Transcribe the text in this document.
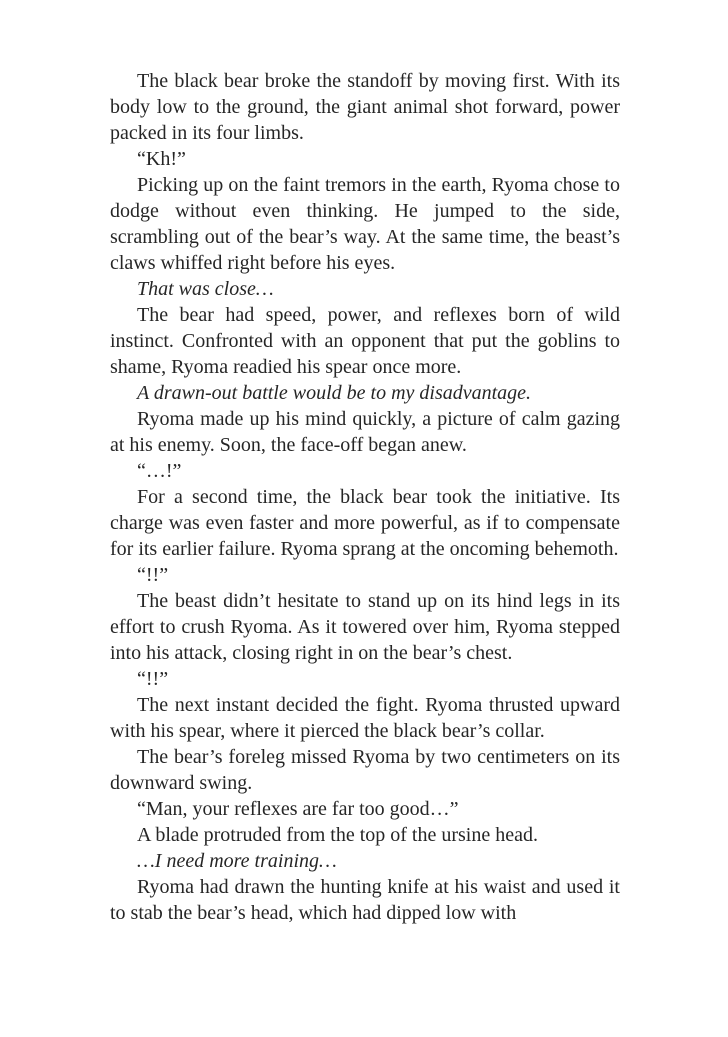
The black bear broke the standoff by moving first. With its body low to the ground, the giant animal shot forward, power packed in its four limbs.

“Kh!”

Picking up on the faint tremors in the earth, Ryoma chose to dodge without even thinking. He jumped to the side, scrambling out of the bear’s way. At the same time, the beast’s claws whiffed right before his eyes.

That was close…

The bear had speed, power, and reflexes born of wild instinct. Confronted with an opponent that put the goblins to shame, Ryoma readied his spear once more.

A drawn-out battle would be to my disadvantage.

Ryoma made up his mind quickly, a picture of calm gazing at his enemy. Soon, the face-off began anew.

“…!”

For a second time, the black bear took the initiative. Its charge was even faster and more powerful, as if to compensate for its earlier failure. Ryoma sprang at the oncoming behemoth.

“!!”

The beast didn’t hesitate to stand up on its hind legs in its effort to crush Ryoma. As it towered over him, Ryoma stepped into his attack, closing right in on the bear’s chest.

“!!”

The next instant decided the fight. Ryoma thrusted upward with his spear, where it pierced the black bear’s collar.

The bear’s foreleg missed Ryoma by two centimeters on its downward swing.

“Man, your reflexes are far too good…”

A blade protruded from the top of the ursine head.

…I need more training…

Ryoma had drawn the hunting knife at his waist and used it to stab the bear’s head, which had dipped low with
